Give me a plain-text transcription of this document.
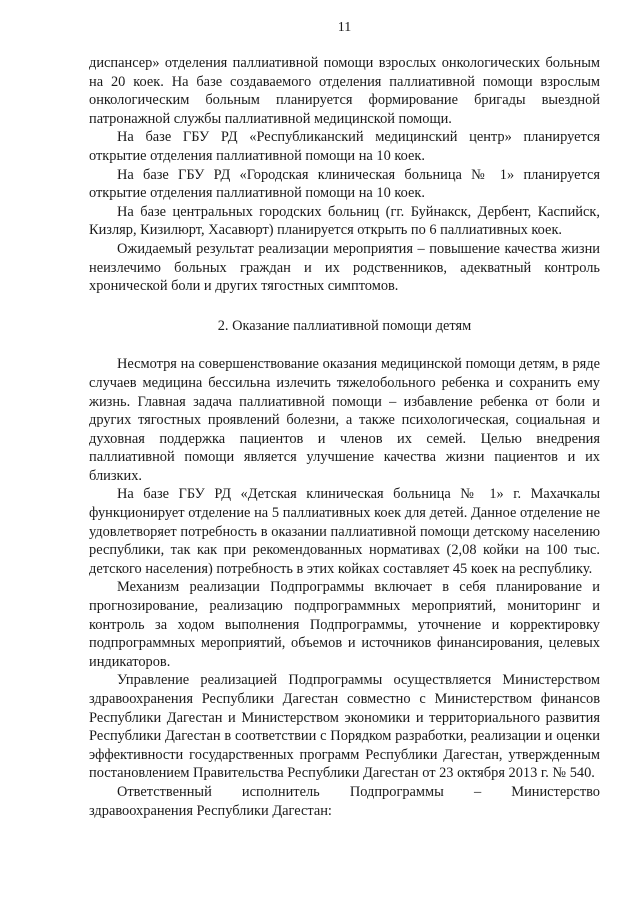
11

диспансер» отделения паллиативной помощи взрослых онкологических больным на 20 коек. На базе создаваемого отделения паллиативной помощи взрослым онкологическим больным планируется формирование бригады выездной патронажной службы паллиативной медицинской помощи.

На базе ГБУ РД «Республиканский медицинский центр» планируется открытие отделения паллиативной помощи на 10 коек.

На базе ГБУ РД «Городская клиническая больница № 1» планируется открытие отделения паллиативной помощи на 10 коек.

На базе центральных городских больниц (гг. Буйнакск, Дербент, Каспийск, Кизляр, Кизилюрт, Хасавюрт) планируется открыть по 6 паллиативных коек.

Ожидаемый результат реализации мероприятия – повышение качества жизни неизлечимо больных граждан и их родственников, адекватный контроль хронической боли и других тягостных симптомов.

2. Оказание паллиативной помощи детям

Несмотря на совершенствование оказания медицинской помощи детям, в ряде случаев медицина бессильна излечить тяжелобольного ребенка и сохранить ему жизнь. Главная задача паллиативной помощи – избавление ребенка от боли и других тягостных проявлений болезни, а также психологическая, социальная и духовная поддержка пациентов и членов их семей. Целью внедрения паллиативной помощи является улучшение качества жизни пациентов и их близких.

На базе ГБУ РД «Детская клиническая больница № 1» г. Махачкалы функционирует отделение на 5 паллиативных коек для детей. Данное отделение не удовлетворяет потребность в оказании паллиативной помощи детскому населению республики, так как при рекомендованных нормативах (2,08 койки на 100 тыс. детского населения) потребность в этих койках составляет 45 коек на республику.

Механизм реализации Подпрограммы включает в себя планирование и прогнозирование, реализацию подпрограммных мероприятий, мониторинг и контроль за ходом выполнения Подпрограммы, уточнение и корректировку подпрограммных мероприятий, объемов и источников финансирования, целевых индикаторов.

Управление реализацией Подпрограммы осуществляется Министерством здравоохранения Республики Дагестан совместно с Министерством финансов Республики Дагестан и Министерством экономики и территориального развития Республики Дагестан в соответствии с Порядком разработки, реализации и оценки эффективности государственных программ Республики Дагестан, утвержденным постановлением Правительства Республики Дагестан от 23 октября 2013 г. № 540.

Ответственный исполнитель Подпрограммы – Министерство здравоохранения Республики Дагестан:
